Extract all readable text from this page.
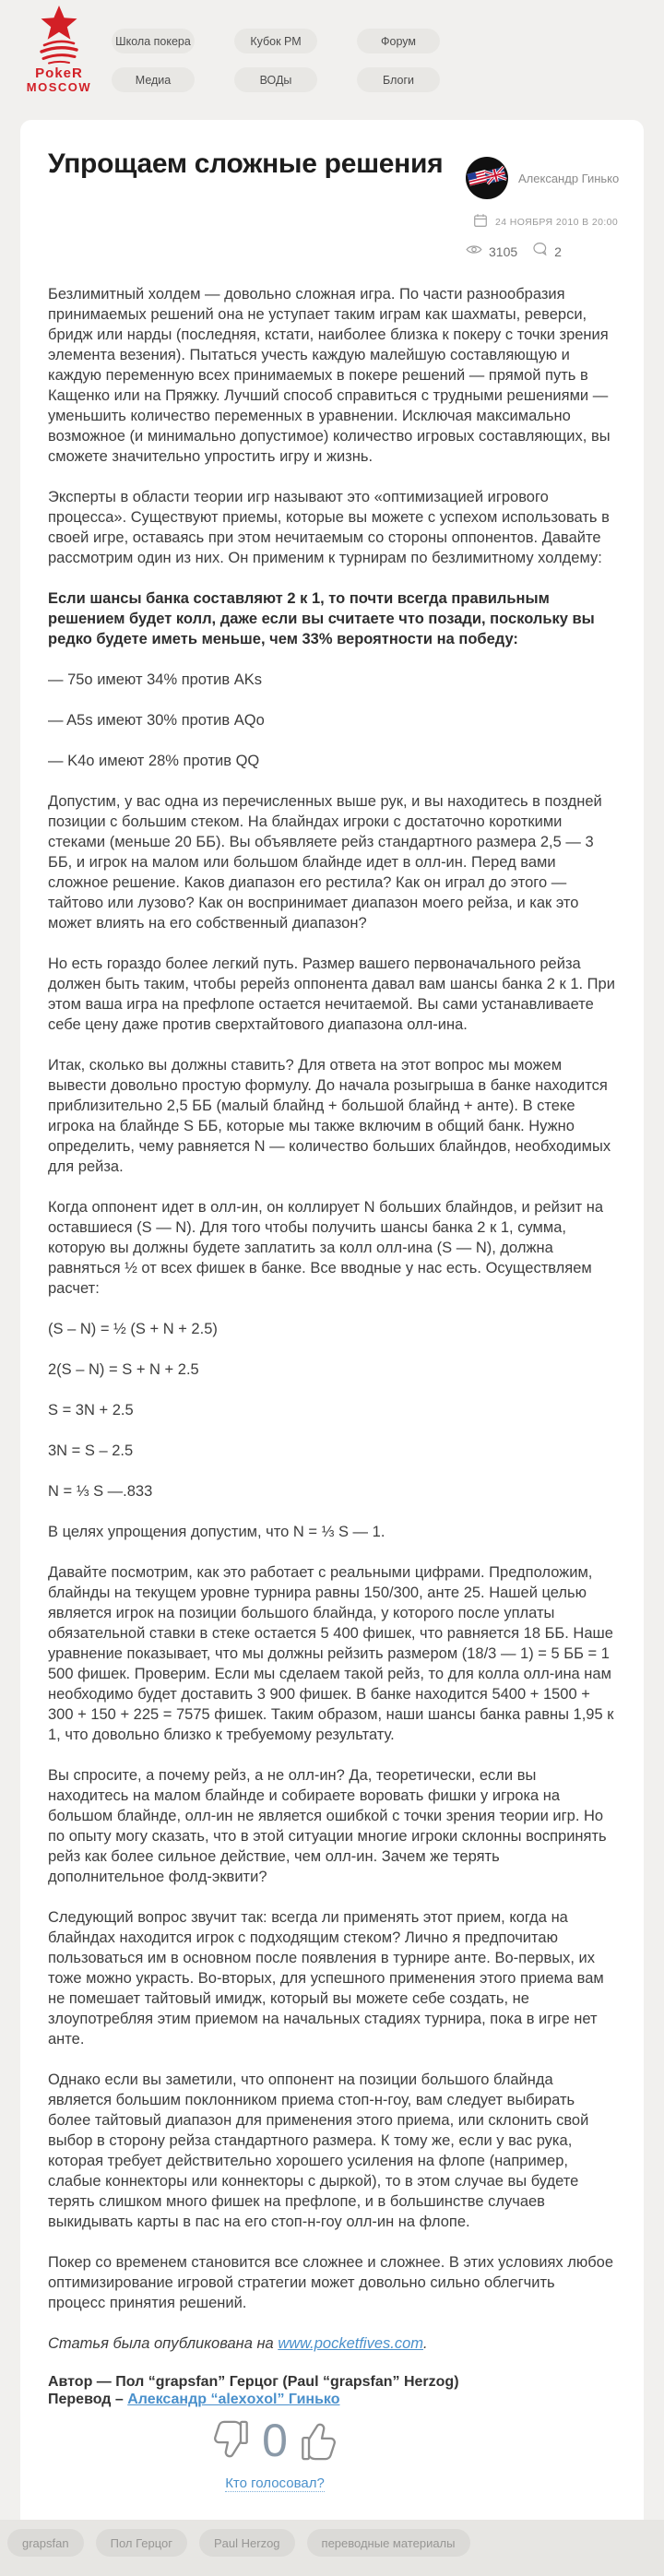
PokeR
MOSCOW
Школа покера	Кубок РМ	Форум
Медиа	ВОДы	Блоги
Упрощаем сложные решения	Александр Гинько
24 НОЯБРЯ 2010 В 20:00
3105	2

Безлимитный холдем — довольно сложная игра. По части разнообразия принимаемых решений она не уступает таким играм как шахматы, реверси, бридж или нарды (последняя, кстати, наиболее близка к покеру с точки зрения элемента везения). Пытаться учесть каждую малейшую составляющую и каждую переменную всех принимаемых в покере решений — прямой путь в Кащенко или на Пряжку. Лучший способ справиться с трудными решениями — уменьшить количество переменных в уравнении. Исключая максимально возможное (и минимально допустимое) количество игровых составляющих, вы сможете значительно упростить игру и жизнь.

Эксперты в области теории игр называют это «оптимизацией игрового процесса». Существуют приемы, которые вы можете с успехом использовать в своей игре, оставаясь при этом нечитаемым со стороны оппонентов. Давайте рассмотрим один из них. Он применим к турнирам по безлимитному холдему:

Если шансы банка составляют 2 к 1, то почти всегда правильным решением будет колл, даже если вы считаете что позади, поскольку вы редко будете иметь меньше, чем 33% вероятности на победу:

— 75o имеют 34% против AKs

— A5s имеют 30% против AQo

— K4o имеют 28% против QQ

Допустим, у вас одна из перечисленных выше рук, и вы находитесь в поздней позиции с большим стеком. На блайндах игроки с достаточно короткими стеками (меньше 20 ББ). Вы объявляете рейз стандартного размера 2,5 — 3 ББ, и игрок на малом или большом блайнде идет в олл-ин. Перед вами сложное решение. Каков диапазон его рестила? Как он играл до этого — тайтово или лузово? Как он воспринимает диапазон моего рейза, и как это может влиять на его собственный диапазон?

Но есть гораздо более легкий путь. Размер вашего первоначального рейза должен быть таким, чтобы ререйз оппонента давал вам шансы банка 2 к 1. При этом ваша игра на префлопе остается нечитаемой. Вы сами устанавливаете себе цену даже против сверхтайтового диапазона олл-ина.

Итак, сколько вы должны ставить? Для ответа на этот вопрос мы можем вывести довольно простую формулу. До начала розыгрыша в банке находится приблизительно 2,5 ББ (малый блайнд + большой блайнд + анте). В стеке игрока на блайнде S ББ, которые мы также включим в общий банк. Нужно определить, чему равняется N — количество больших блайндов, необходимых для рейза.

Когда оппонент идет в олл-ин, он коллирует N больших блайндов, и рейзит на оставшиеся (S — N). Для того чтобы получить шансы банка 2 к 1, сумма, которую вы должны будете заплатить за колл олл-ина (S — N), должна равняться ½ от всех фишек в банке. Все вводные у нас есть. Осуществляем расчет:

(S – N) = ½ (S + N + 2.5)

2(S – N) = S + N + 2.5

S = 3N + 2.5

3N = S – 2.5

N = ⅓ S —.833

В целях упрощения допустим, что N = ⅓ S — 1.

Давайте посмотрим, как это работает с реальными цифрами. Предположим, блайнды на текущем уровне турнира равны 150/300, анте 25. Нашей целью является игрок на позиции большого блайнда, у которого после уплаты обязательной ставки в стеке остается 5 400 фишек, что равняется 18 ББ. Наше уравнение показывает, что мы должны рейзить размером (18/3 — 1) = 5 ББ = 1 500 фишек. Проверим. Если мы сделаем такой рейз, то для колла олл-ина нам необходимо будет доставить 3 900 фишек. В банке находится 5400 + 1500 + 300 + 150 + 225 = 7575 фишек. Таким образом, наши шансы банка равны 1,95 к 1, что довольно близко к требуемому результату.

Вы спросите, а почему рейз, а не олл-ин? Да, теоретически, если вы находитесь на малом блайнде и собираете воровать фишки у игрока на большом блайнде, олл-ин не является ошибкой с точки зрения теории игр. Но по опыту могу сказать, что в этой ситуации многие игроки склонны воспринять рейз как более сильное действие, чем олл-ин. Зачем же терять дополнительное фолд-эквити?

Следующий вопрос звучит так: всегда ли применять этот прием, когда на блайндах находится игрок с подходящим стеком? Лично я предпочитаю пользоваться им в основном после появления в турнире анте. Во-первых, их тоже можно украсть. Во-вторых, для успешного применения этого приема вам не помешает тайтовый имидж, который вы можете себе создать, не злоупотребляя этим приемом на начальных стадиях турнира, пока в игре нет анте.

Однако если вы заметили, что оппонент на позиции большого блайнда является большим поклонником приема стоп-н-гоу, вам следует выбирать более тайтовый диапазон для применения этого приема, или склонить свой выбор в сторону рейза стандартного размера. К тому же, если у вас рука, которая требует действительно хорошего усиления на флопе (например, слабые коннекторы или коннекторы с дыркой), то в этом случае вы будете терять слишком много фишек на префлопе, и в большинстве случаев выкидывать карты в пас на его стоп-н-гоу олл-ин на флопе.

Покер со временем становится все сложнее и сложнее. В этих условиях любое оптимизирование игровой стратегии может довольно сильно облегчить процесс принятия решений.

Статья была опубликована на www.pocketfives.com.

Автор — Пол “grapsfan” Герцог (Paul “grapsfan” Herzog)

Перевод – Александр “alexoxol” Гинько

0
Кто голосовал?
grapsfan	Пол Герцог	Paul Herzog	переводные материалы
